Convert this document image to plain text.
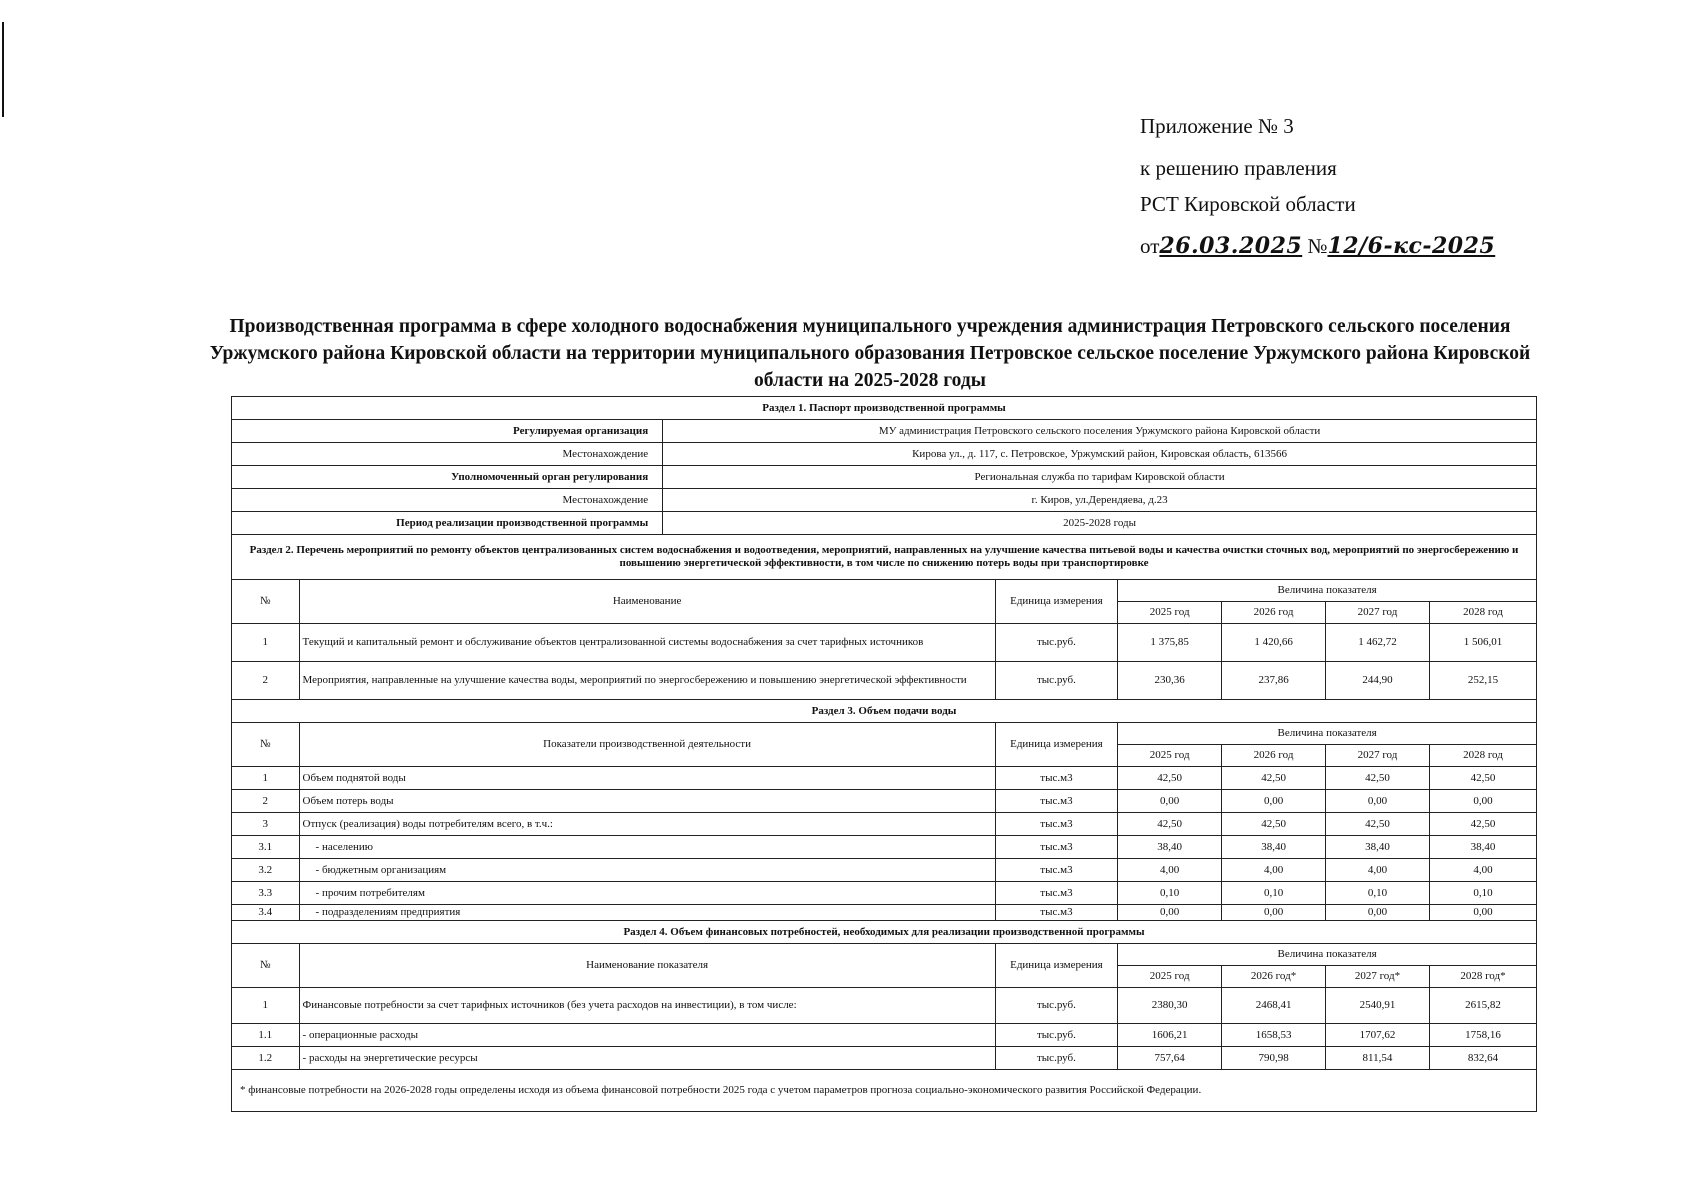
Приложение № 3
к решению правления
РСТ Кировской области
от26.03.2025 №12/6-кс-2025
Производственная программа в сфере холодного водоснабжения муниципального учреждения администрация Петровского сельского поселения Уржумского района Кировской области на территории муниципального образования Петровское сельское поселение Уржумского района Кировской области на 2025-2028 годы
Раздел 1. Паспорт производственной программы							
Регулируемая организация		МУ администрация Петровского сельского поселения Уржумского района Кировской области					
Местонахождение		Кирова ул., д. 117, с. Петровское, Уржумский район, Кировская область, 613566					
Уполномоченный орган регулирования		Региональная служба по тарифам Кировской области					
Местонахождение		г. Киров, ул.Дерендяева, д.23					
Период реализации производственной программы		2025-2028 годы					
Раздел 2. Перечень мероприятий по ремонту объектов централизованных систем водоснабжения и водоотведения, мероприятий, направленных на улучшение качества питьевой воды и качества очистки сточных вод, мероприятий по энергосбережению и повышению энергетической эффективности, в том числе по снижению потерь воды при транспортировке							
№	Наименование		Единица измерения	Величина показателя			
				2025 год	2026 год	2027 год	2028 год
1	Текущий и капитальный ремонт и обслуживание объектов централизованной системы водоснабжения за счет тарифных источников		тыс.руб.	1 375,85	1 420,66	1 462,72	1 506,01
2	Мероприятия, направленные на улучшение качества воды, мероприятий по энергосбережению и повышению энергетической эффективности		тыс.руб.	230,36	237,86	244,90	252,15
Раздел 3. Объем подачи воды							
№	Показатели производственной деятельности		Единица измерения	Величина показателя			
				2025 год	2026 год	2027 год	2028 год
1	Объем поднятой воды		тыс.м3	42,50	42,50	42,50	42,50
2	Объем потерь воды		тыс.м3	0,00	0,00	0,00	0,00
3	Отпуск (реализация) воды потребителям всего, в т.ч.:		тыс.м3	42,50	42,50	42,50	42,50
3.1	- населению		тыс.м3	38,40	38,40	38,40	38,40
3.2	- бюджетным организациям		тыс.м3	4,00	4,00	4,00	4,00
3.3	- прочим потребителям		тыс.м3	0,10	0,10	0,10	0,10
3.4	- подразделениям предприятия		тыс.м3	0,00	0,00	0,00	0,00
Раздел 4. Объем финансовых потребностей, необходимых для реализации производственной программы							
№	Наименование показателя		Единица измерения	Величина показателя			
				2025 год	2026 год*	2027 год*	2028 год*
1	Финансовые потребности за счет тарифных источников (без учета расходов на инвестиции), в том числе:		тыс.руб.	2380,30	2468,41	2540,91	2615,82
1.1	- операционные расходы		тыс.руб.	1606,21	1658,53	1707,62	1758,16
1.2	- расходы на энергетические ресурсы		тыс.руб.	757,64	790,98	811,54	832,64
* финансовые потребности на 2026-2028 годы определены исходя из объема финансовой потребности 2025 года с учетом параметров прогноза социально-экономического развития Российской Федерации.							
